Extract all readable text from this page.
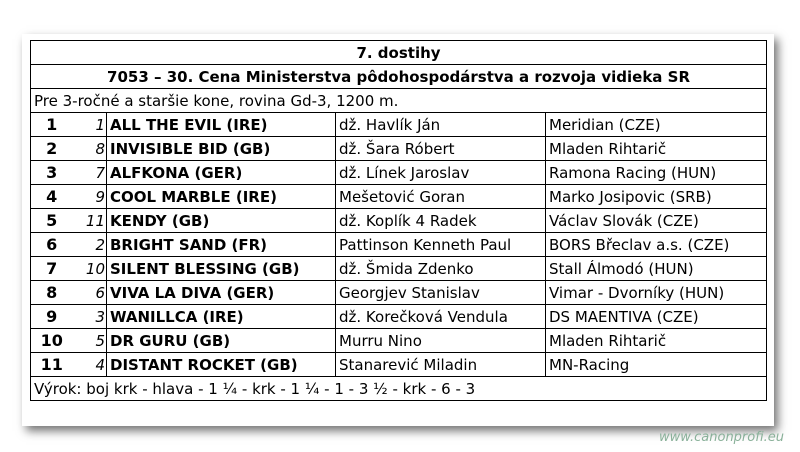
7. dostihy				
7053 – 30. Cena Ministerstva pôdohospodárstva a rozvoja vidieka SR				
Pre 3-ročné a staršie kone, rovina Gd-3, 1200 m.				
1	1	ALL THE EVIL (IRE)	dž. Havlík Ján	Meridian (CZE)
2	8	INVISIBLE BID (GB)	dž. Šara Róbert	Mladen Rihtarič
3	7	ALFKONA (GER)	dž. Línek Jaroslav	Ramona Racing (HUN)
4	9	COOL MARBLE (IRE)	Mešetović Goran	Marko Josipovic (SRB)
5	11	KENDY (GB)	dž. Koplík 4 Radek	Václav Slovák (CZE)
6	2	BRIGHT SAND (FR)	Pattinson Kenneth Paul	BORS Břeclav a.s. (CZE)
7	10	SILENT BLESSING (GB)	dž. Šmida Zdenko	Stall Álmodó (HUN)
8	6	VIVA LA DIVA (GER)	Georgjev Stanislav	Vimar - Dvorníky (HUN)
9	3	WANILLCA (IRE)	dž. Korečková Vendula	DS MAENTIVA (CZE)
10	5	DR GURU (GB)	Murru Nino	Mladen Rihtarič
11	4	DISTANT ROCKET (GB)	Stanarević Miladin	MN-Racing
Výrok: boj krk - hlava - 1 ¼ - krk - 1 ¼ - 1 - 3 ½ - krk - 6 - 3				
www.canonprofi.eu
